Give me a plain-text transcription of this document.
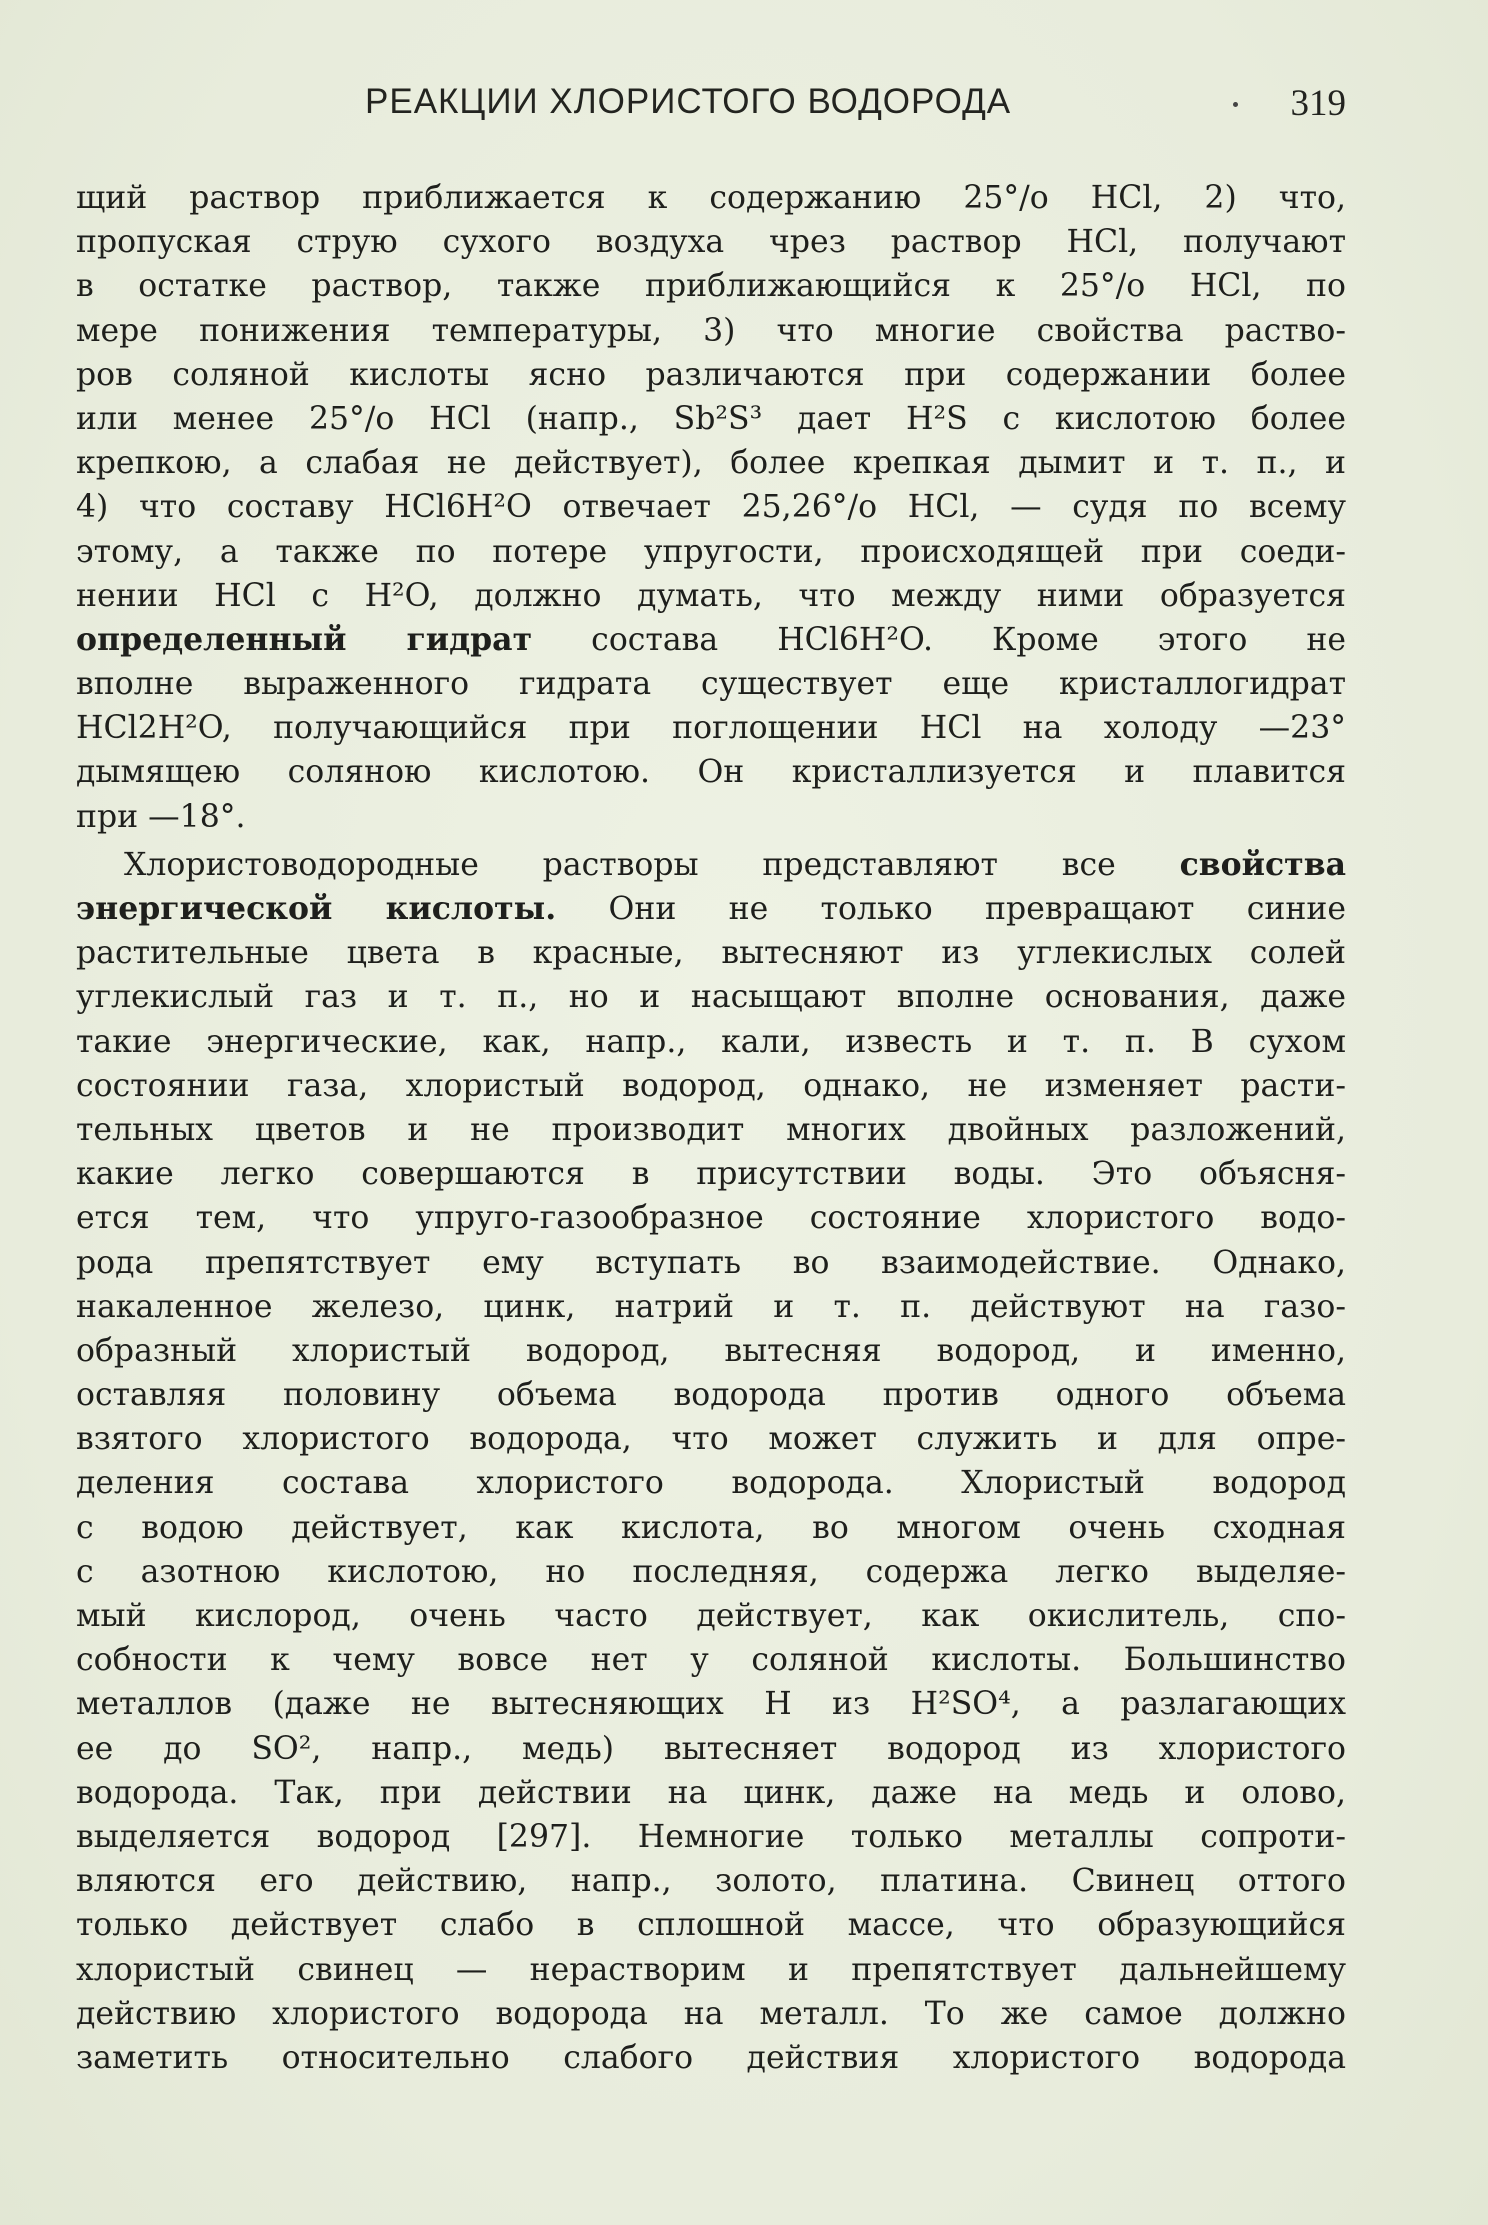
РЕАКЦИИ ХЛОРИСТОГО ВОДОРОДА	319
щий раствор приближается к содержанию 25°/о HCl, 2) что,
пропуская струю сухого воздуха чрез раствор HCl, получают
в остатке раствор, также приближающийся к 25°/о HCl, по
мере понижения температуры, 3) что многие свойства раство-
ров соляной кислоты ясно различаются при содержании более
или менее 25°/о HCl (напр., Sb²S³ дает H²S с кислотою более
крепкою, а слабая не действует), более крепкая дымит и т. п., и
4) что составу HCl6H²O отвечает 25,26°/о HCl, — судя по всему
этому, а также по потере упругости, происходящей при соеди-
нении HCl с H²O, должно думать, что между ними образуется
определенный гидрат состава HCl6H²O. Кроме этого не
вполне выраженного гидрата существует еще кристаллогидрат
HCl2H²O, получающийся при поглощении HCl на холоду —23°
дымящею соляною кислотою. Он кристаллизуется и плавится
при —18°.
Хлористоводородные растворы представляют все свойства
энергической кислоты. Они не только превращают синие
растительные цвета в красные, вытесняют из углекислых солей
углекислый газ и т. п., но и насыщают вполне основания, даже
такие энергические, как, напр., кали, известь и т. п. В сухом
состоянии газа, хлористый водород, однако, не изменяет расти-
тельных цветов и не производит многих двойных разложений,
какие легко совершаются в присутствии воды. Это объясня-
ется тем, что упруго-газообразное состояние хлористого водо-
рода препятствует ему вступать во взаимодействие. Однако,
накаленное железо, цинк, натрий и т. п. действуют на газо-
образный хлористый водород, вытесняя водород, и именно,
оставляя половину объема водорода против одного объема
взятого хлористого водорода, что может служить и для опре-
деления состава хлористого водорода. Хлористый водород
с водою действует, как кислота, во многом очень сходная
с азотною кислотою, но последняя, содержа легко выделяе-
мый кислород, очень часто действует, как окислитель, спо-
собности к чему вовсе нет у соляной кислоты. Большинство
металлов (даже не вытесняющих H из H²SO⁴, а разлагающих
ее до SO², напр., медь) вытесняет водород из хлористого
водорода. Так, при действии на цинк, даже на медь и олово,
выделяется водород [297]. Немногие только металлы сопроти-
вляются его действию, напр., золото, платина. Свинец оттого
только действует слабо в сплошной массе, что образующийся
хлористый свинец — нерастворим и препятствует дальнейшему
действию хлористого водорода на металл. То же самое должно
заметить относительно слабого действия хлористого водорода
